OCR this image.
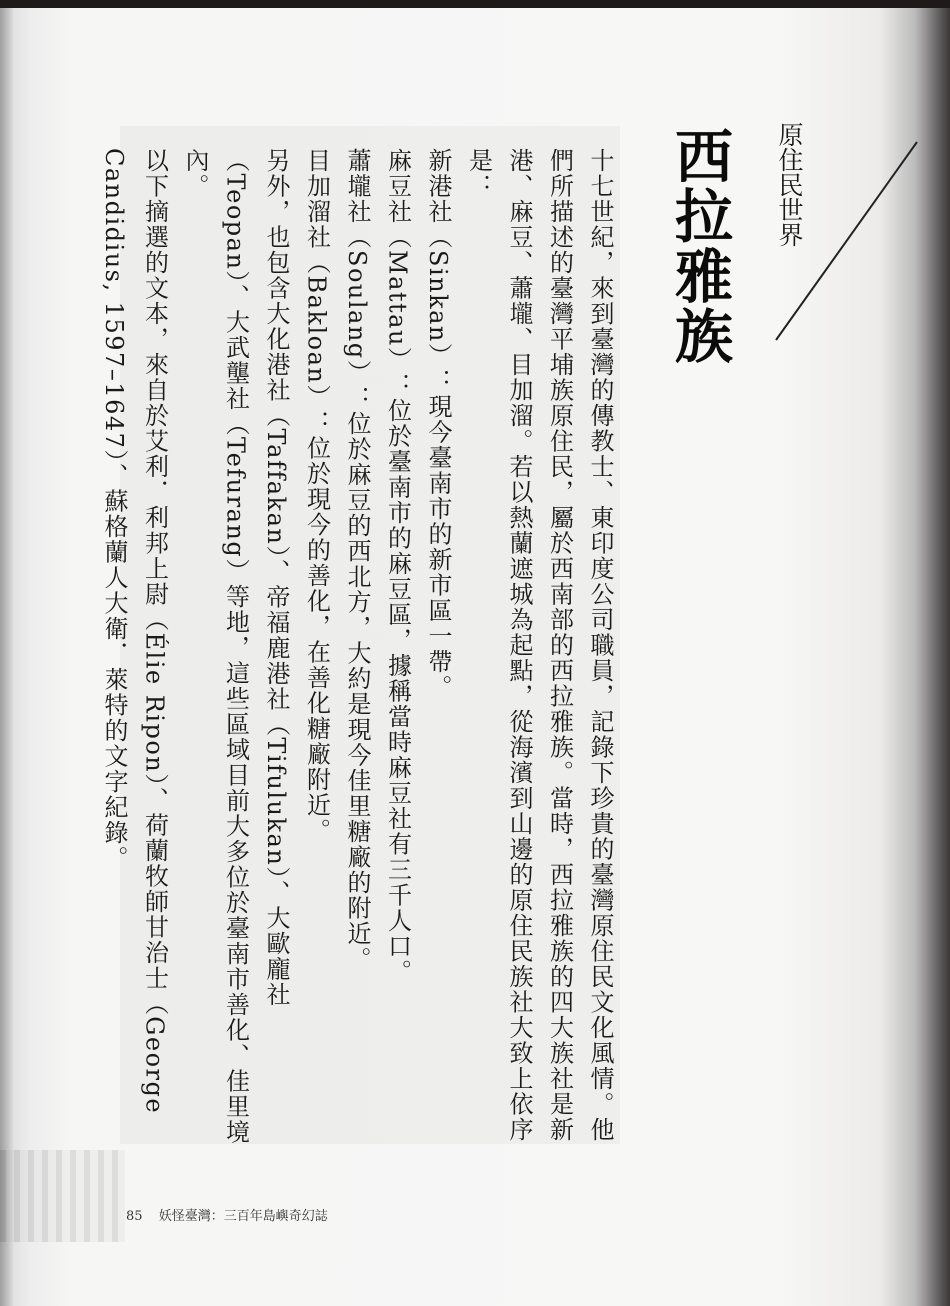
原住民世界
西拉雅族

十七世紀，來到臺灣的傳教士、東印度公司職員，記錄下珍貴的臺灣原住民文化風情。他們所描述的臺灣平埔族原住民，屬於西南部的西拉雅族。當時，西拉雅族的四大族社是新港、麻豆、蕭壠、目加溜。若以熱蘭遮城為起點，從海濱到山邊的原住民族社大致上依序是：

新港社（Sinkan）：現今臺南市的新市區一帶。

麻豆社（Mattau）：位於臺南市的麻豆區，據稱當時麻豆社有三千人口。

蕭壠社（Soulang）：位於麻豆的西北方，大約是現今佳里糖廠的附近。

目加溜社（Bakloan）：位於現今的善化，在善化糖廠附近。

另外，也包含大化港社（Taffakan）、帝福鹿港社（Tifulukan）、大歐龐社（Teopan）、大武壟社（Tefurang）等地，這些區域目前大多位於臺南市善化、佳里境內。

以下摘選的文本，來自於艾利．利邦上尉（Élie Ripon）、荷蘭牧師甘治士（George Candidius, 1597–1647）、蘇格蘭人大衛．萊特的文字紀錄。

85 妖怪臺灣：三百年島嶼奇幻誌
